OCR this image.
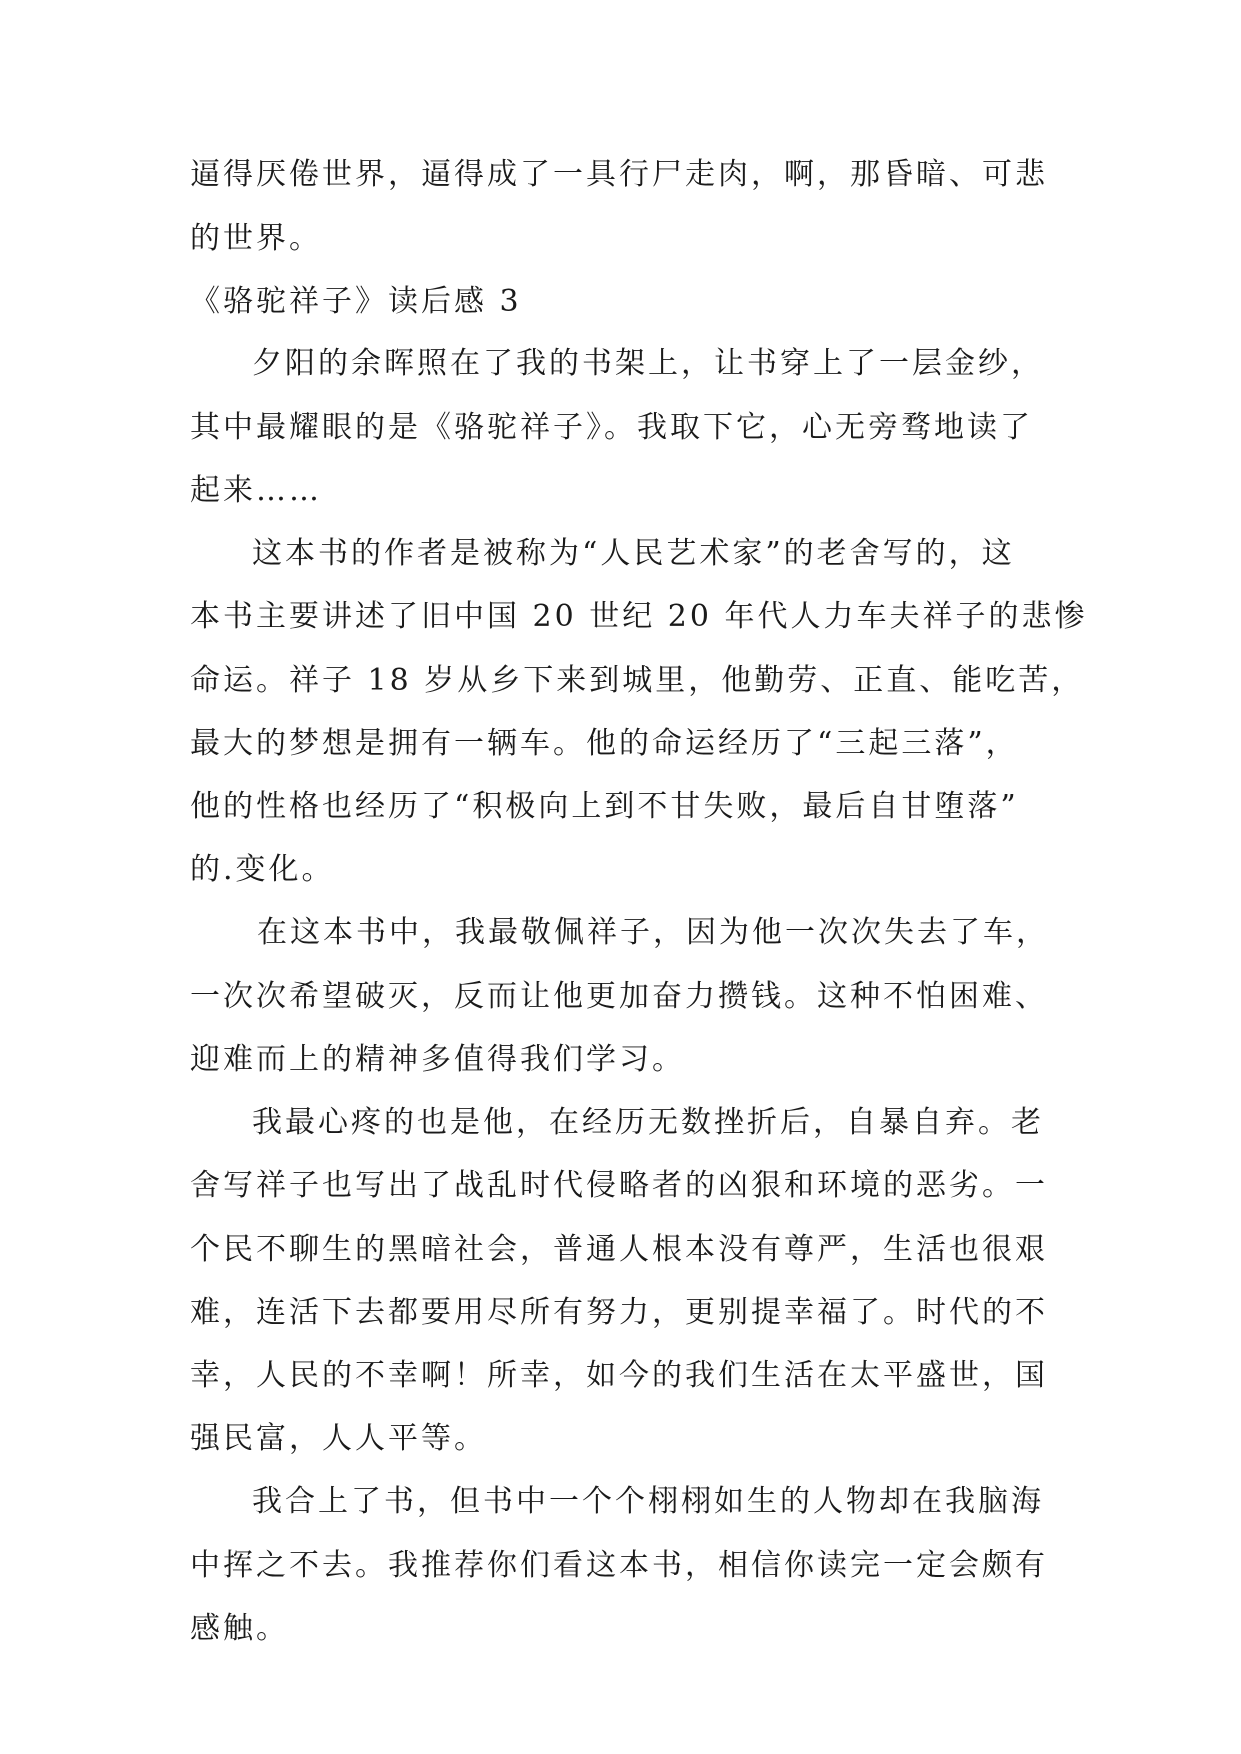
逼得厌倦世界，逼得成了一具行尸走肉，啊，那昏暗、可悲

的世界。

《骆驼祥子》读后感 3

夕阳的余晖照在了我的书架上，让书穿上了一层金纱，

其中最耀眼的是《骆驼祥子》。我取下它，心无旁骛地读了

起来……

这本书的作者是被称为“人民艺术家”的老舍写的，这

本书主要讲述了旧中国 20 世纪 20 年代人力车夫祥子的悲惨

命运。祥子 18 岁从乡下来到城里，他勤劳、正直、能吃苦，

最大的梦想是拥有一辆车。他的命运经历了“三起三落”，

他的性格也经历了“积极向上到不甘失败，最后自甘堕落”

的.变化。

在这本书中，我最敬佩祥子，因为他一次次失去了车，

一次次希望破灭，反而让他更加奋力攒钱。这种不怕困难、

迎难而上的精神多值得我们学习。

我最心疼的也是他，在经历无数挫折后，自暴自弃。老

舍写祥子也写出了战乱时代侵略者的凶狠和环境的恶劣。一

个民不聊生的黑暗社会，普通人根本没有尊严，生活也很艰

难，连活下去都要用尽所有努力，更别提幸福了。时代的不

幸，人民的不幸啊！所幸，如今的我们生活在太平盛世，国

强民富，人人平等。

我合上了书，但书中一个个栩栩如生的人物却在我脑海

中挥之不去。我推荐你们看这本书，相信你读完一定会颇有

感触。
